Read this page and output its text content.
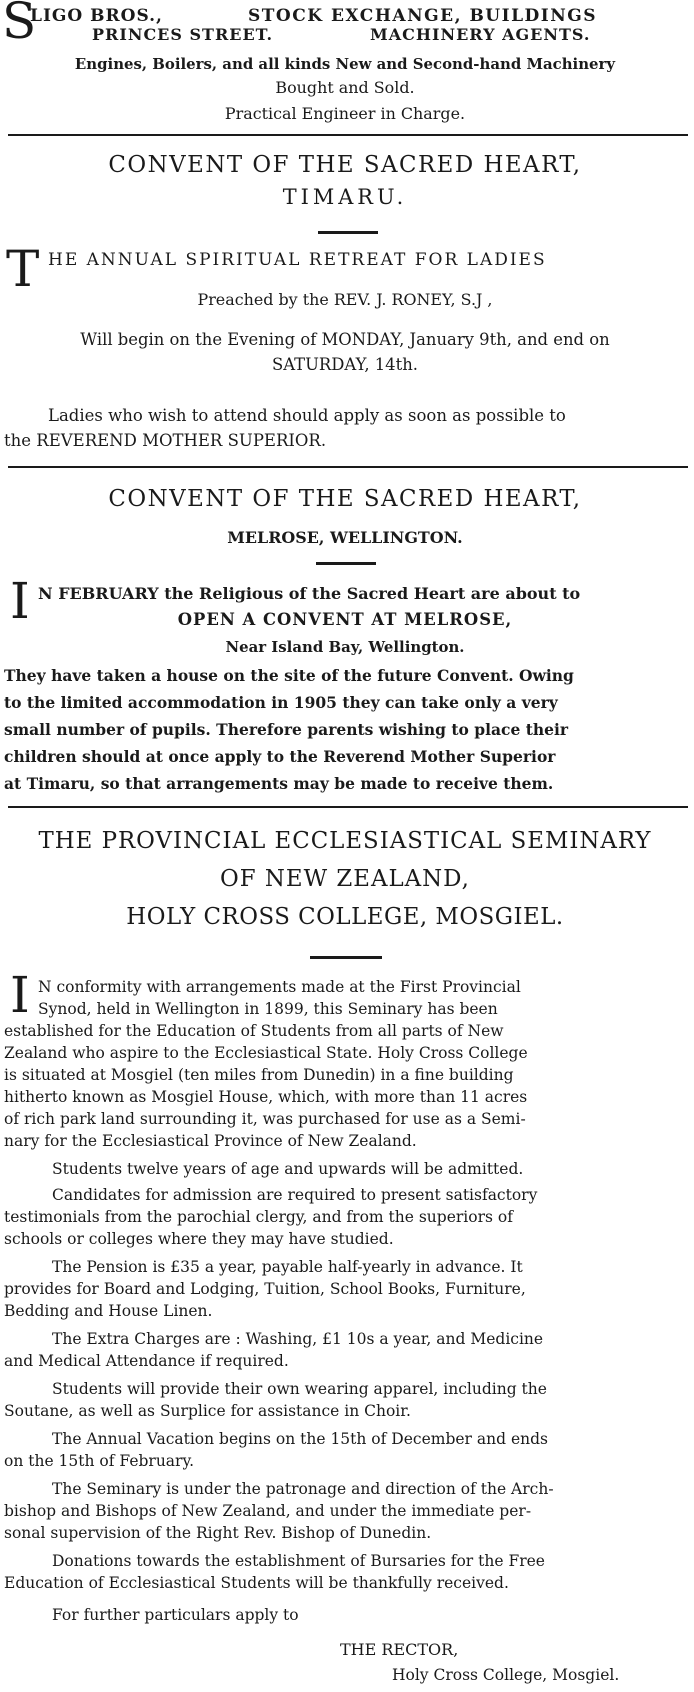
S
LIGO BROS.,	STOCK EXCHANGE, BUILDINGS
PRINCES STREET.	MACHINERY AGENTS.
Engines, Boilers, and all kinds New and Second-hand Machinery
Bought and Sold.
Practical Engineer in Charge.
CONVENT OF THE SACRED HEART,
TIMARU.
T HE ANNUAL SPIRITUAL RETREAT FOR LADIES
Preached by the REV. J. RONEY, S.J ,
Will begin on the Evening of MONDAY, January 9th, and end on
SATURDAY, 14th.
Ladies who wish to attend should apply as soon as possible to
the REVEREND MOTHER SUPERIOR.
CONVENT OF THE SACRED HEART,
MELROSE, WELLINGTON.
I N FEBRUARY the Religious of the Sacred Heart are about to
OPEN A CONVENT AT MELROSE,
Near Island Bay, Wellington.
They have taken a house on the site of the future Convent. Owing
to the limited accommodation in 1905 they can take only a very
small number of pupils. Therefore parents wishing to place their
children should at once apply to the Reverend Mother Superior
at Timaru, so that arrangements may be made to receive them.
THE PROVINCIAL ECCLESIASTICAL SEMINARY
OF NEW ZEALAND,
HOLY CROSS COLLEGE, MOSGIEL.
I N conformity with arrangements made at the First Provincial
Synod, held in Wellington in 1899, this Seminary has been
established for the Education of Students from all parts of New
Zealand who aspire to the Ecclesiastical State. Holy Cross College
is situated at Mosgiel (ten miles from Dunedin) in a fine building
hitherto known as Mosgiel House, which, with more than 11 acres
of rich park land surrounding it, was purchased for use as a Semi-
nary for the Ecclesiastical Province of New Zealand.
Students twelve years of age and upwards will be admitted.
Candidates for admission are required to present satisfactory
testimonials from the parochial clergy, and from the superiors of
schools or colleges where they may have studied.
The Pension is £35 a year, payable half-yearly in advance. It
provides for Board and Lodging, Tuition, School Books, Furniture,
Bedding and House Linen.
The Extra Charges are : Washing, £1 10s a year, and Medicine
and Medical Attendance if required.
Students will provide their own wearing apparel, including the
Soutane, as well as Surplice for assistance in Choir.
The Annual Vacation begins on the 15th of December and ends
on the 15th of February.
The Seminary is under the patronage and direction of the Arch-
bishop and Bishops of New Zealand, and under the immediate per-
sonal supervision of the Right Rev. Bishop of Dunedin.
Donations towards the establishment of Bursaries for the Free
Education of Ecclesiastical Students will be thankfully received.
For further particulars apply to
THE RECTOR,
Holy Cross College, Mosgiel.
